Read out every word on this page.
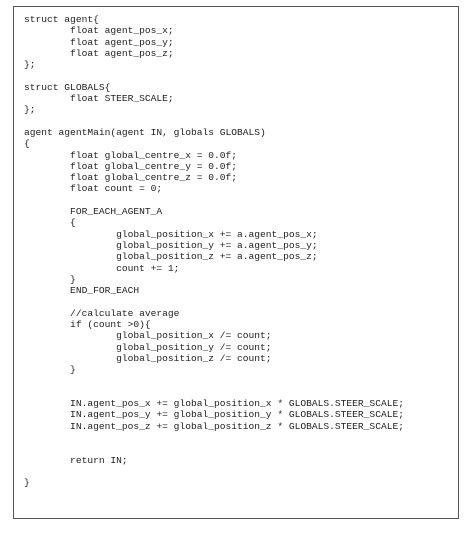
struct agent{
float agent_pos_x;
float agent_pos_y;
float agent_pos_z;
};
struct GLOBALS{
float STEER_SCALE;
};
agent agentMain(agent IN, globals GLOBALS)
{
float global_centre_x = 0.0f;
float global_centre_y = 0.0f;
float global_centre_z = 0.0f;
float count = 0;
FOR_EACH_AGENT_A
{
global_position_x += a.agent_pos_x;
global_position_y += a.agent_pos_y;
global_position_z += a.agent_pos_z;
count += 1;
}
END_FOR_EACH
//calculate average
if (count >0){
global_position_x /= count;
global_position_y /= count;
global_position_z /= count;
}
IN.agent_pos_x += global_position_x * GLOBALS.STEER_SCALE;
IN.agent_pos_y += global_position_y * GLOBALS.STEER_SCALE;
IN.agent_pos_z += global_position_z * GLOBALS.STEER_SCALE;
return IN;
}
